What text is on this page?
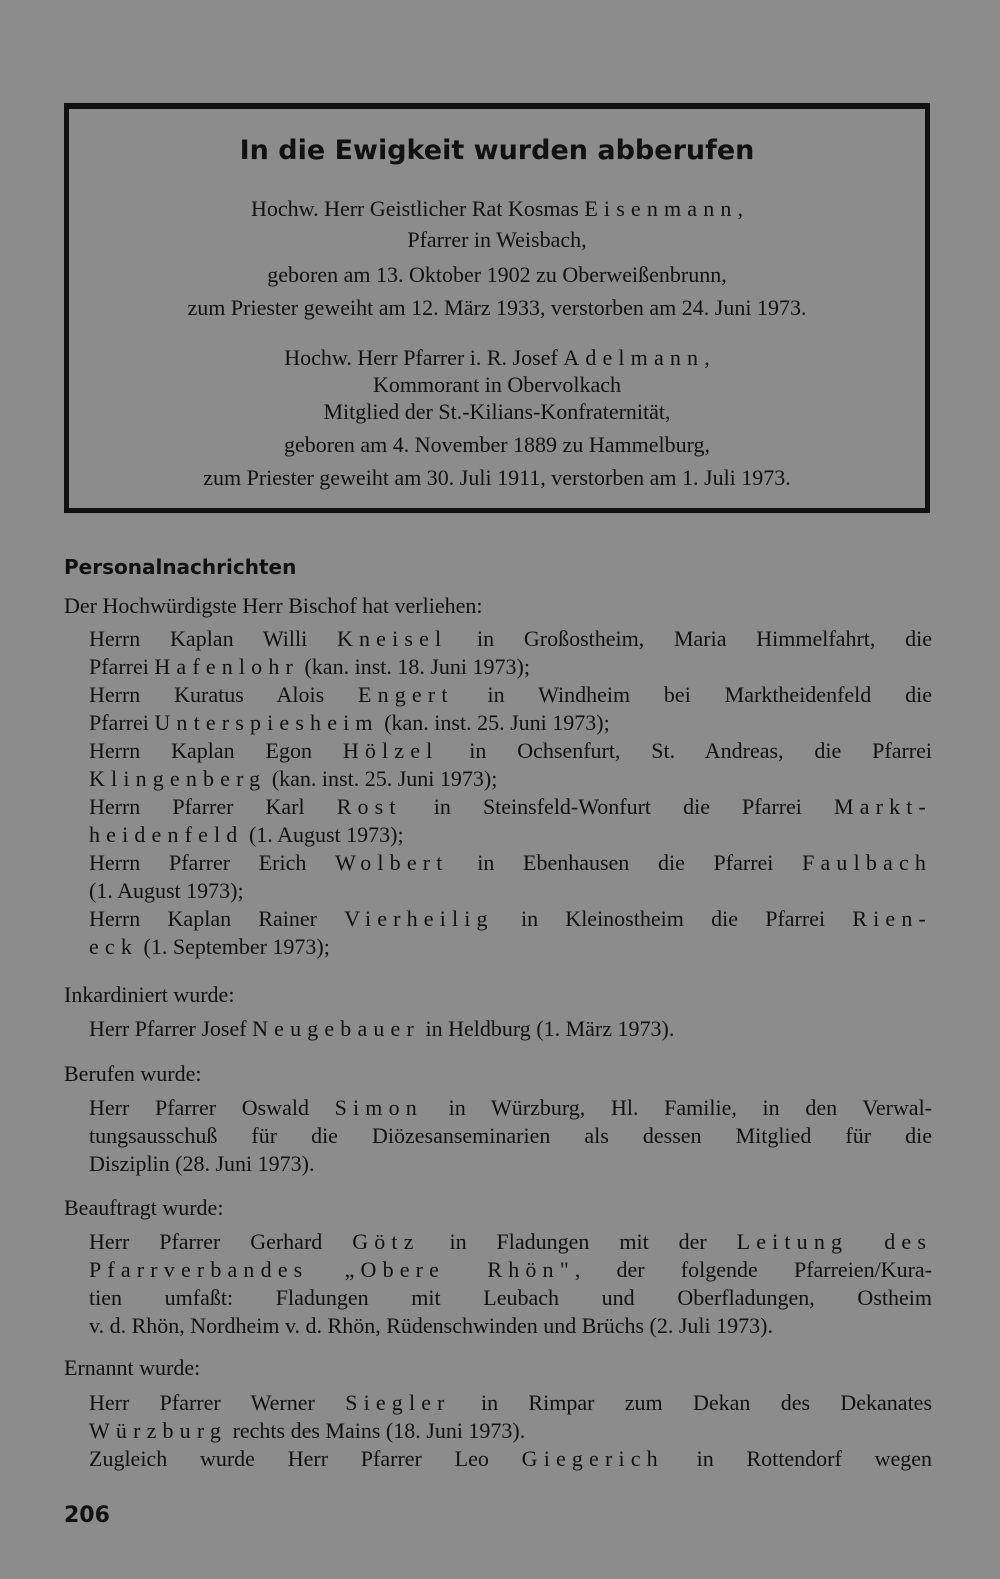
In die Ewigkeit wurden abberufen
Hochw. Herr Geistlicher Rat Kosmas Eisenmann,
Pfarrer in Weisbach,
geboren am 13. Oktober 1902 zu Oberweißenbrunn,
zum Priester geweiht am 12. März 1933, verstorben am 24. Juni 1973.
Hochw. Herr Pfarrer i. R. Josef Adelmann,
Kommorant in Obervolkach
Mitglied der St.-Kilians-Konfraternität,
geboren am 4. November 1889 zu Hammelburg,
zum Priester geweiht am 30. Juli 1911, verstorben am 1. Juli 1973.
Personalnachrichten
Der Hochwürdigste Herr Bischof hat verliehen:
Herrn Kaplan Willi Kneisel in Großostheim, Maria Himmelfahrt, die
Pfarrei Hafenlohr (kan. inst. 18. Juni 1973);
Herrn Kuratus Alois Engert in Windheim bei Marktheidenfeld die
Pfarrei Unterspiesheim (kan. inst. 25. Juni 1973);
Herrn Kaplan Egon Hölzel in Ochsenfurt, St. Andreas, die Pfarrei
Klingenberg (kan. inst. 25. Juni 1973);
Herrn Pfarrer Karl Rost in Steinsfeld-Wonfurt die Pfarrei Markt-
heidenfeld (1. August 1973);
Herrn Pfarrer Erich Wolbert in Ebenhausen die Pfarrei Faulbach
(1. August 1973);
Herrn Kaplan Rainer Vierheilig in Kleinostheim die Pfarrei Rien-
eck (1. September 1973);
Inkardiniert wurde:
Herr Pfarrer Josef Neugebauer in Heldburg (1. März 1973).
Berufen wurde:
Herr Pfarrer Oswald Simon in Würzburg, Hl. Familie, in den Verwal-
tungsausschuß für die Diözesanseminarien als dessen Mitglied für die
Disziplin (28. Juni 1973).
Beauftragt wurde:
Herr Pfarrer Gerhard Götz in Fladungen mit der Leitung des
Pfarrverbandes „Obere Rhön", der folgende Pfarreien/Kura-
tien umfaßt: Fladungen mit Leubach und Oberfladungen, Ostheim
v. d. Rhön, Nordheim v. d. Rhön, Rüdenschwinden und Brüchs (2. Juli 1973).
Ernannt wurde:
Herr Pfarrer Werner Siegler in Rimpar zum Dekan des Dekanates
Würzburg rechts des Mains (18. Juni 1973).
Zugleich wurde Herr Pfarrer Leo Giegerich in Rottendorf wegen
206
